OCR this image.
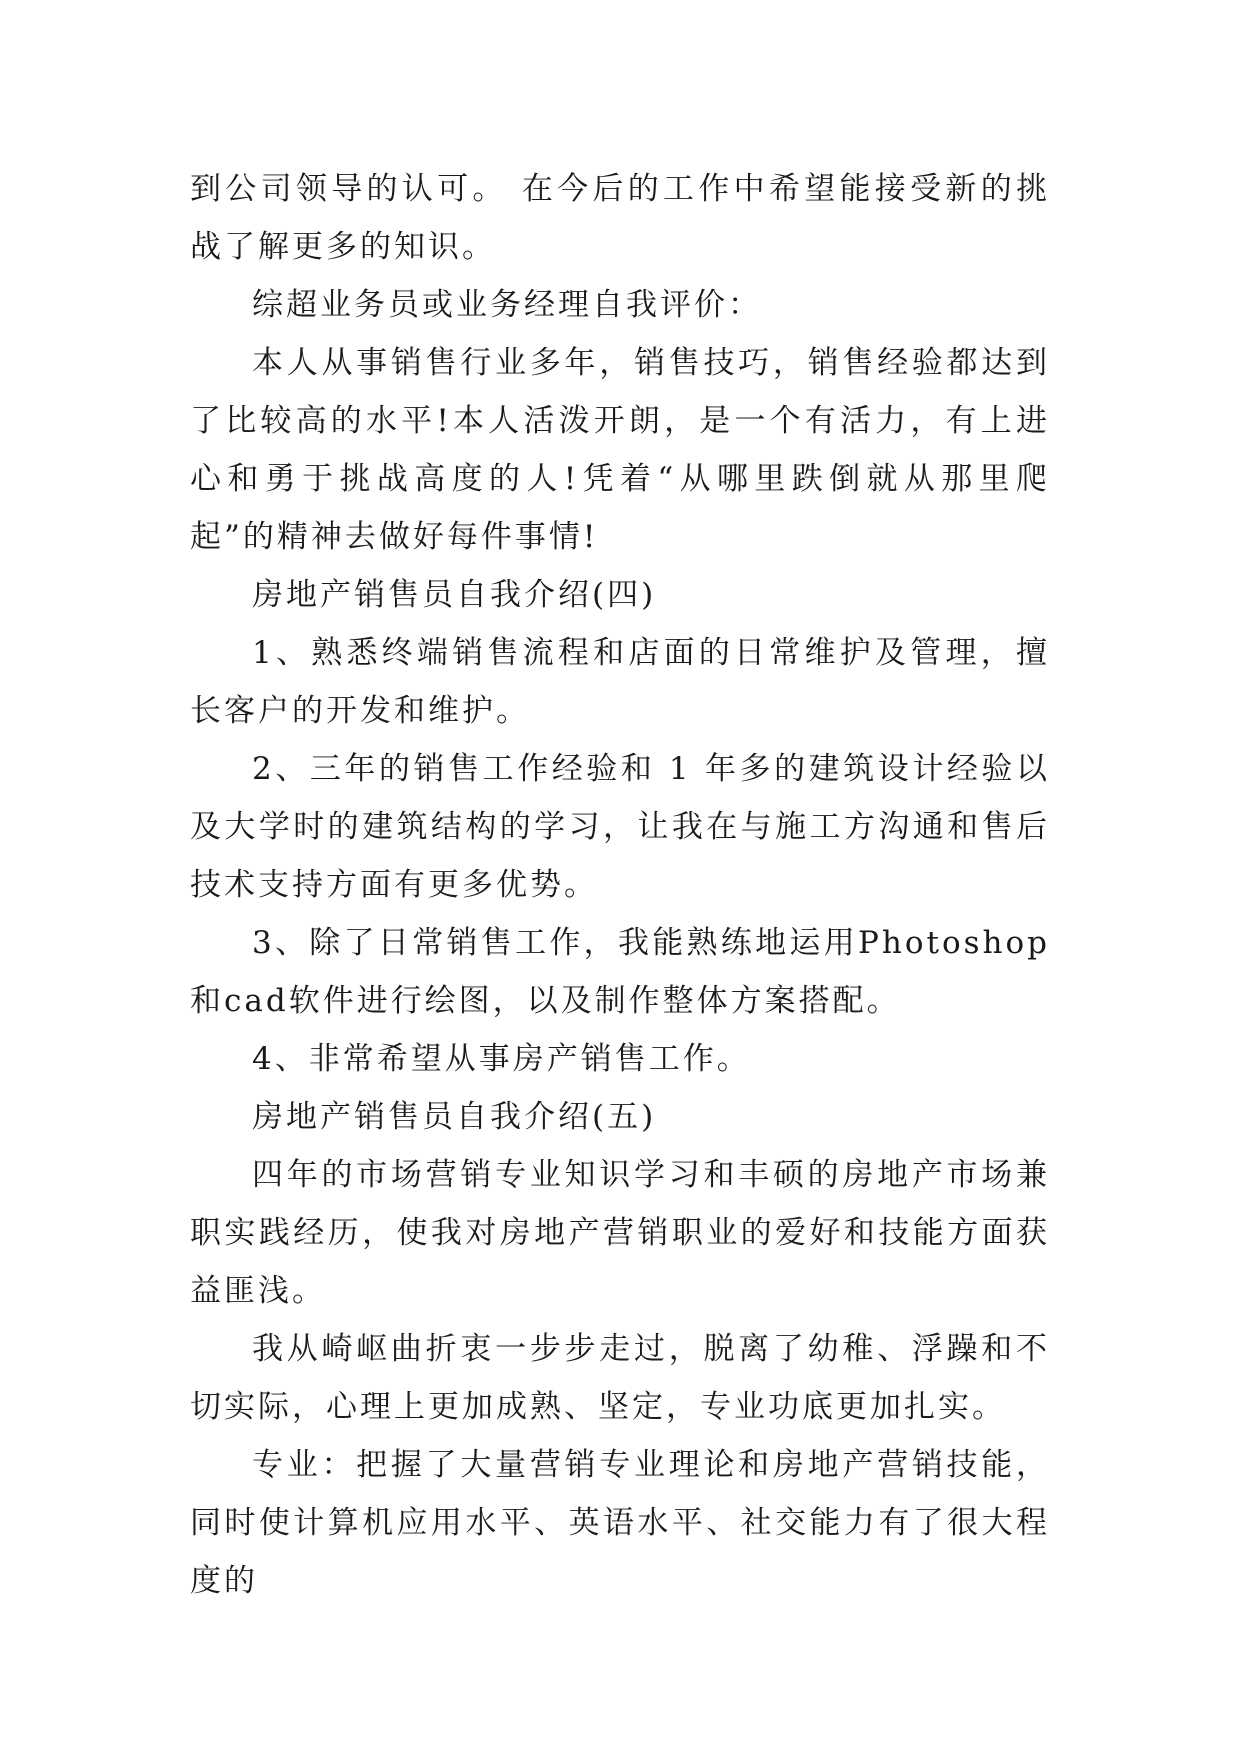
到公司领导的认可。 在今后的工作中希望能接受新的挑战了解更多的知识。

综超业务员或业务经理自我评价：

本人从事销售行业多年，销售技巧，销售经验都达到了比较高的水平!本人活泼开朗，是一个有活力，有上进心和勇于挑战高度的人!凭着“从哪里跌倒就从那里爬起”的精神去做好每件事情!

房地产销售员自我介绍(四)

1、熟悉终端销售流程和店面的日常维护及管理，擅长客户的开发和维护。

2、三年的销售工作经验和 1 年多的建筑设计经验以及大学时的建筑结构的学习，让我在与施工方沟通和售后技术支持方面有更多优势。

3、除了日常销售工作，我能熟练地运用Photoshop和cad软件进行绘图，以及制作整体方案搭配。

4、非常希望从事房产销售工作。

房地产销售员自我介绍(五)

四年的市场营销专业知识学习和丰硕的房地产市场兼职实践经历，使我对房地产营销职业的爱好和技能方面获益匪浅。

我从崎岖曲折衷一步步走过，脱离了幼稚、浮躁和不切实际，心理上更加成熟、坚定，专业功底更加扎实。

专业：把握了大量营销专业理论和房地产营销技能，同时使计算机应用水平、英语水平、社交能力有了很大程度的
